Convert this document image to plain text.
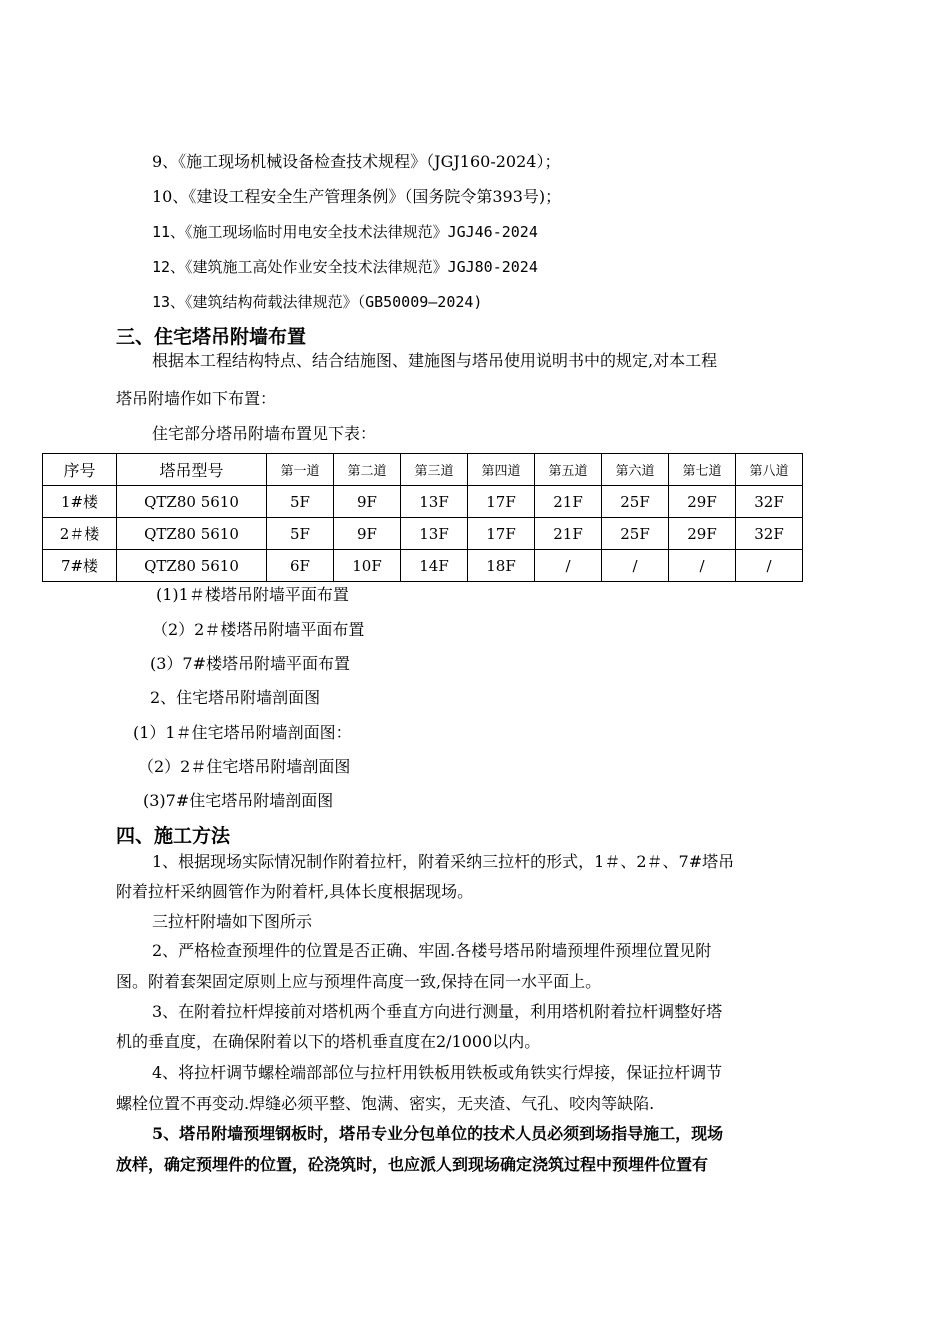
9、《施工现场机械设备检查技术规程》（JGJ160-2024）；
10、《建设工程安全生产管理条例》（国务院令第393号)；
11、《施工现场临时用电安全技术法律规范》JGJ46-2024
12、《建筑施工高处作业安全技术法律规范》JGJ80-2024
13、《建筑结构荷载法律规范》（GB50009—2024)
三、住宅塔吊附墙布置
根据本工程结构特点、结合结施图、建施图与塔吊使用说明书中的规定,对本工程
塔吊附墙作如下布置：
住宅部分塔吊附墙布置见下表：
序号	塔吊型号	第一道	第二道	第三道	第四道	第五道	第六道	第七道	第八道
1#楼	QTZ80 5610	5F	9F	13F	17F	21F	25F	29F	32F
2＃楼	QTZ80 5610	5F	9F	13F	17F	21F	25F	29F	32F
7#楼	QTZ80 5610	6F	10F	14F	18F	/	/	/	/
(1)1＃楼塔吊附墙平面布置
（2）2＃楼塔吊附墙平面布置
(3）7#楼塔吊附墙平面布置
2、住宅塔吊附墙剖面图
(1）1＃住宅塔吊附墙剖面图：
（2）2＃住宅塔吊附墙剖面图
(3)7#住宅塔吊附墙剖面图
四、施工方法
1、根据现场实际情况制作附着拉杆，附着采纳三拉杆的形式，1＃、2＃、7#塔吊
附着拉杆采纳圆管作为附着杆,具体长度根据现场。
三拉杆附墙如下图所示
2、严格检查预埋件的位置是否正确、牢固.各楼号塔吊附墙预埋件预埋位置见附
图。附着套架固定原则上应与预埋件高度一致,保持在同一水平面上。
3、在附着拉杆焊接前对塔机两个垂直方向进行测量，利用塔机附着拉杆调整好塔
机的垂直度，在确保附着以下的塔机垂直度在2/1000以内。
4、将拉杆调节螺栓端部部位与拉杆用铁板用铁板或角铁实行焊接，保证拉杆调节
螺栓位置不再变动.焊缝必须平整、饱满、密实，无夹渣、气孔、咬肉等缺陷.
5、塔吊附墙预埋钢板时，塔吊专业分包单位的技术人员必须到场指导施工，现场
放样，确定预埋件的位置，砼浇筑时，也应派人到现场确定浇筑过程中预埋件位置有
